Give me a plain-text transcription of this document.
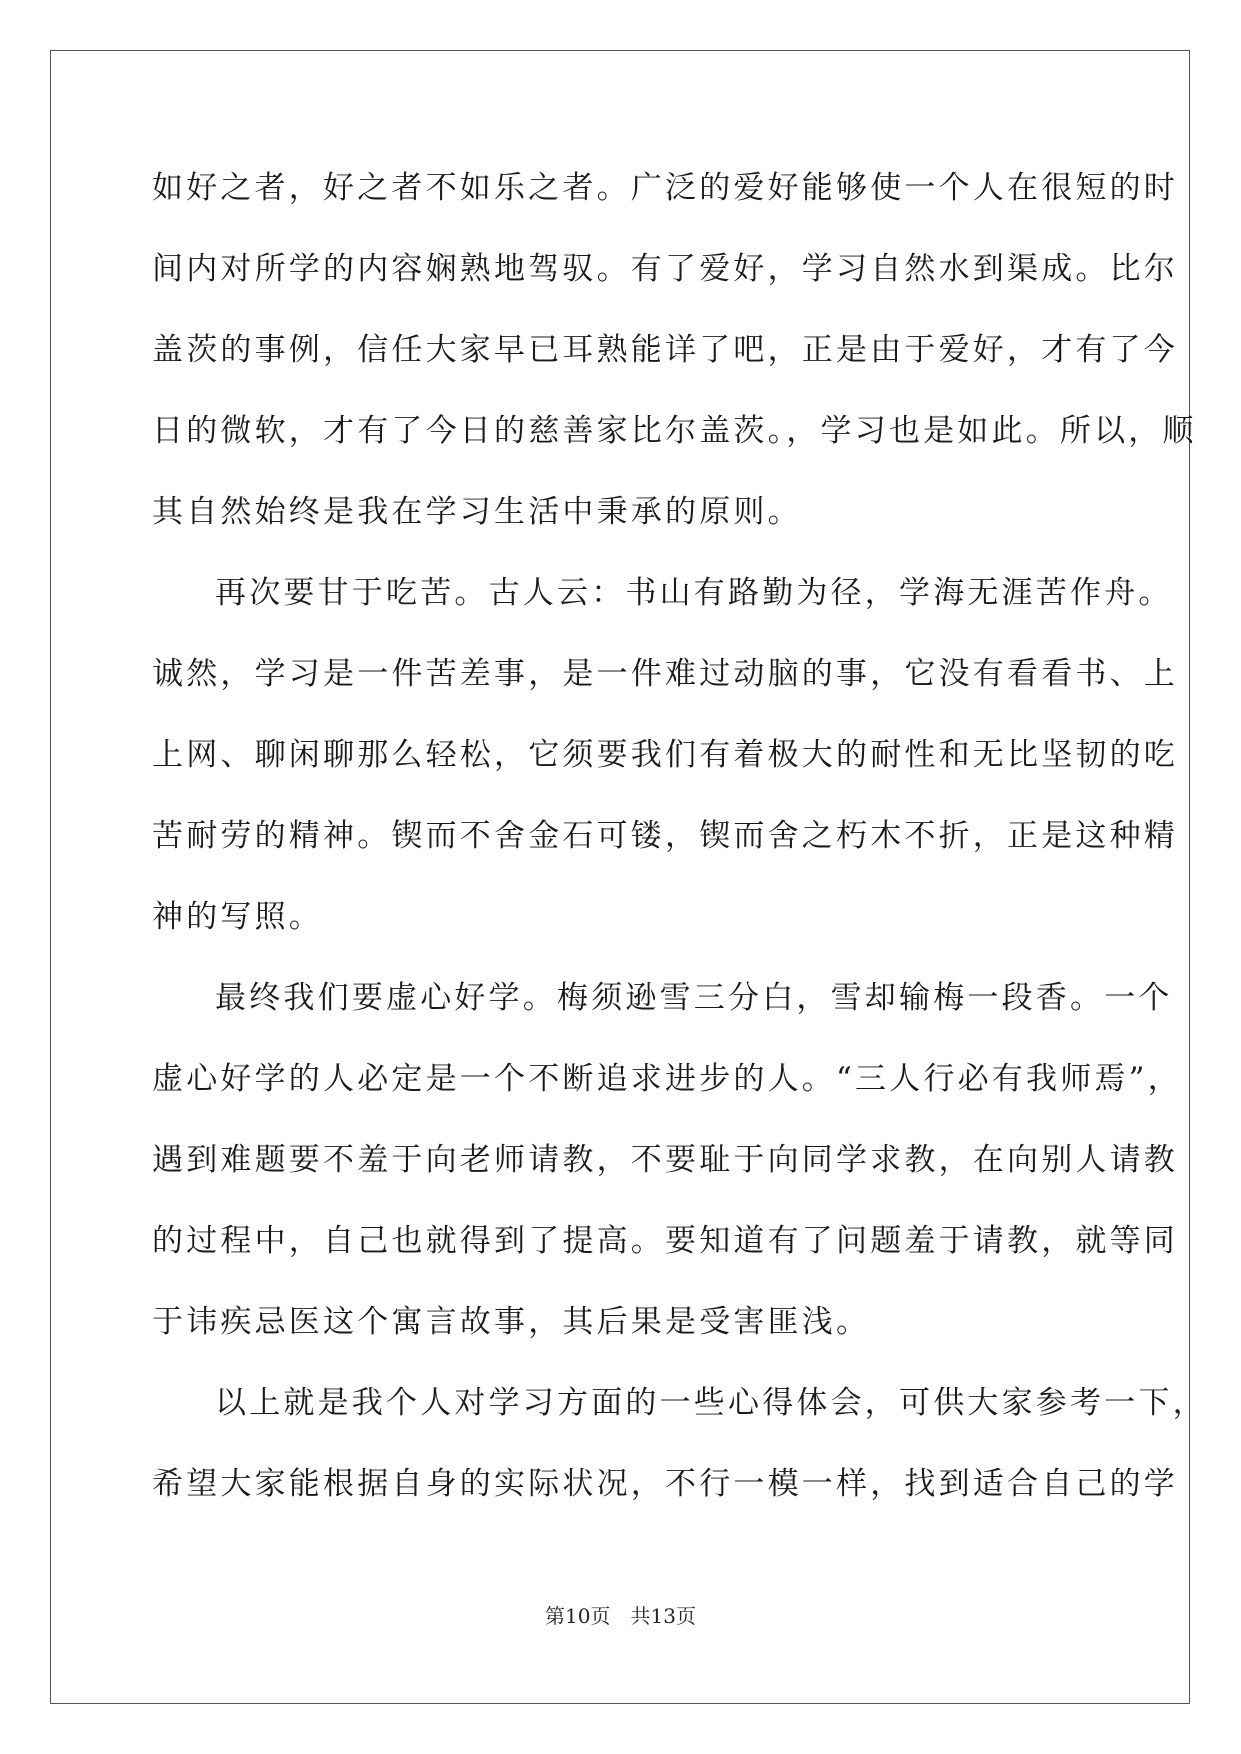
如好之者，好之者不如乐之者。广泛的爱好能够使一个人在很短的时
间内对所学的内容娴熟地驾驭。有了爱好，学习自然水到渠成。比尔
盖茨的事例，信任大家早已耳熟能详了吧，正是由于爱好，才有了今
日的微软，才有了今日的慈善家比尔盖茨。，学习也是如此。所以，顺
其自然始终是我在学习生活中秉承的原则。
再次要甘于吃苦。古人云：书山有路勤为径，学海无涯苦作舟。
诚然，学习是一件苦差事，是一件难过动脑的事，它没有看看书、上
上网、聊闲聊那么轻松，它须要我们有着极大的耐性和无比坚韧的吃
苦耐劳的精神。锲而不舍金石可镂，锲而舍之朽木不折，正是这种精
神的写照。
最终我们要虚心好学。梅须逊雪三分白，雪却输梅一段香。一个
虚心好学的人必定是一个不断追求进步的人。“三人行必有我师焉”，
遇到难题要不羞于向老师请教，不要耻于向同学求教，在向别人请教
的过程中，自己也就得到了提高。要知道有了问题羞于请教，就等同
于讳疾忌医这个寓言故事，其后果是受害匪浅。
以上就是我个人对学习方面的一些心得体会，可供大家参考一下，
希望大家能根据自身的实际状况，不行一模一样，找到适合自己的学
第10页　共13页
